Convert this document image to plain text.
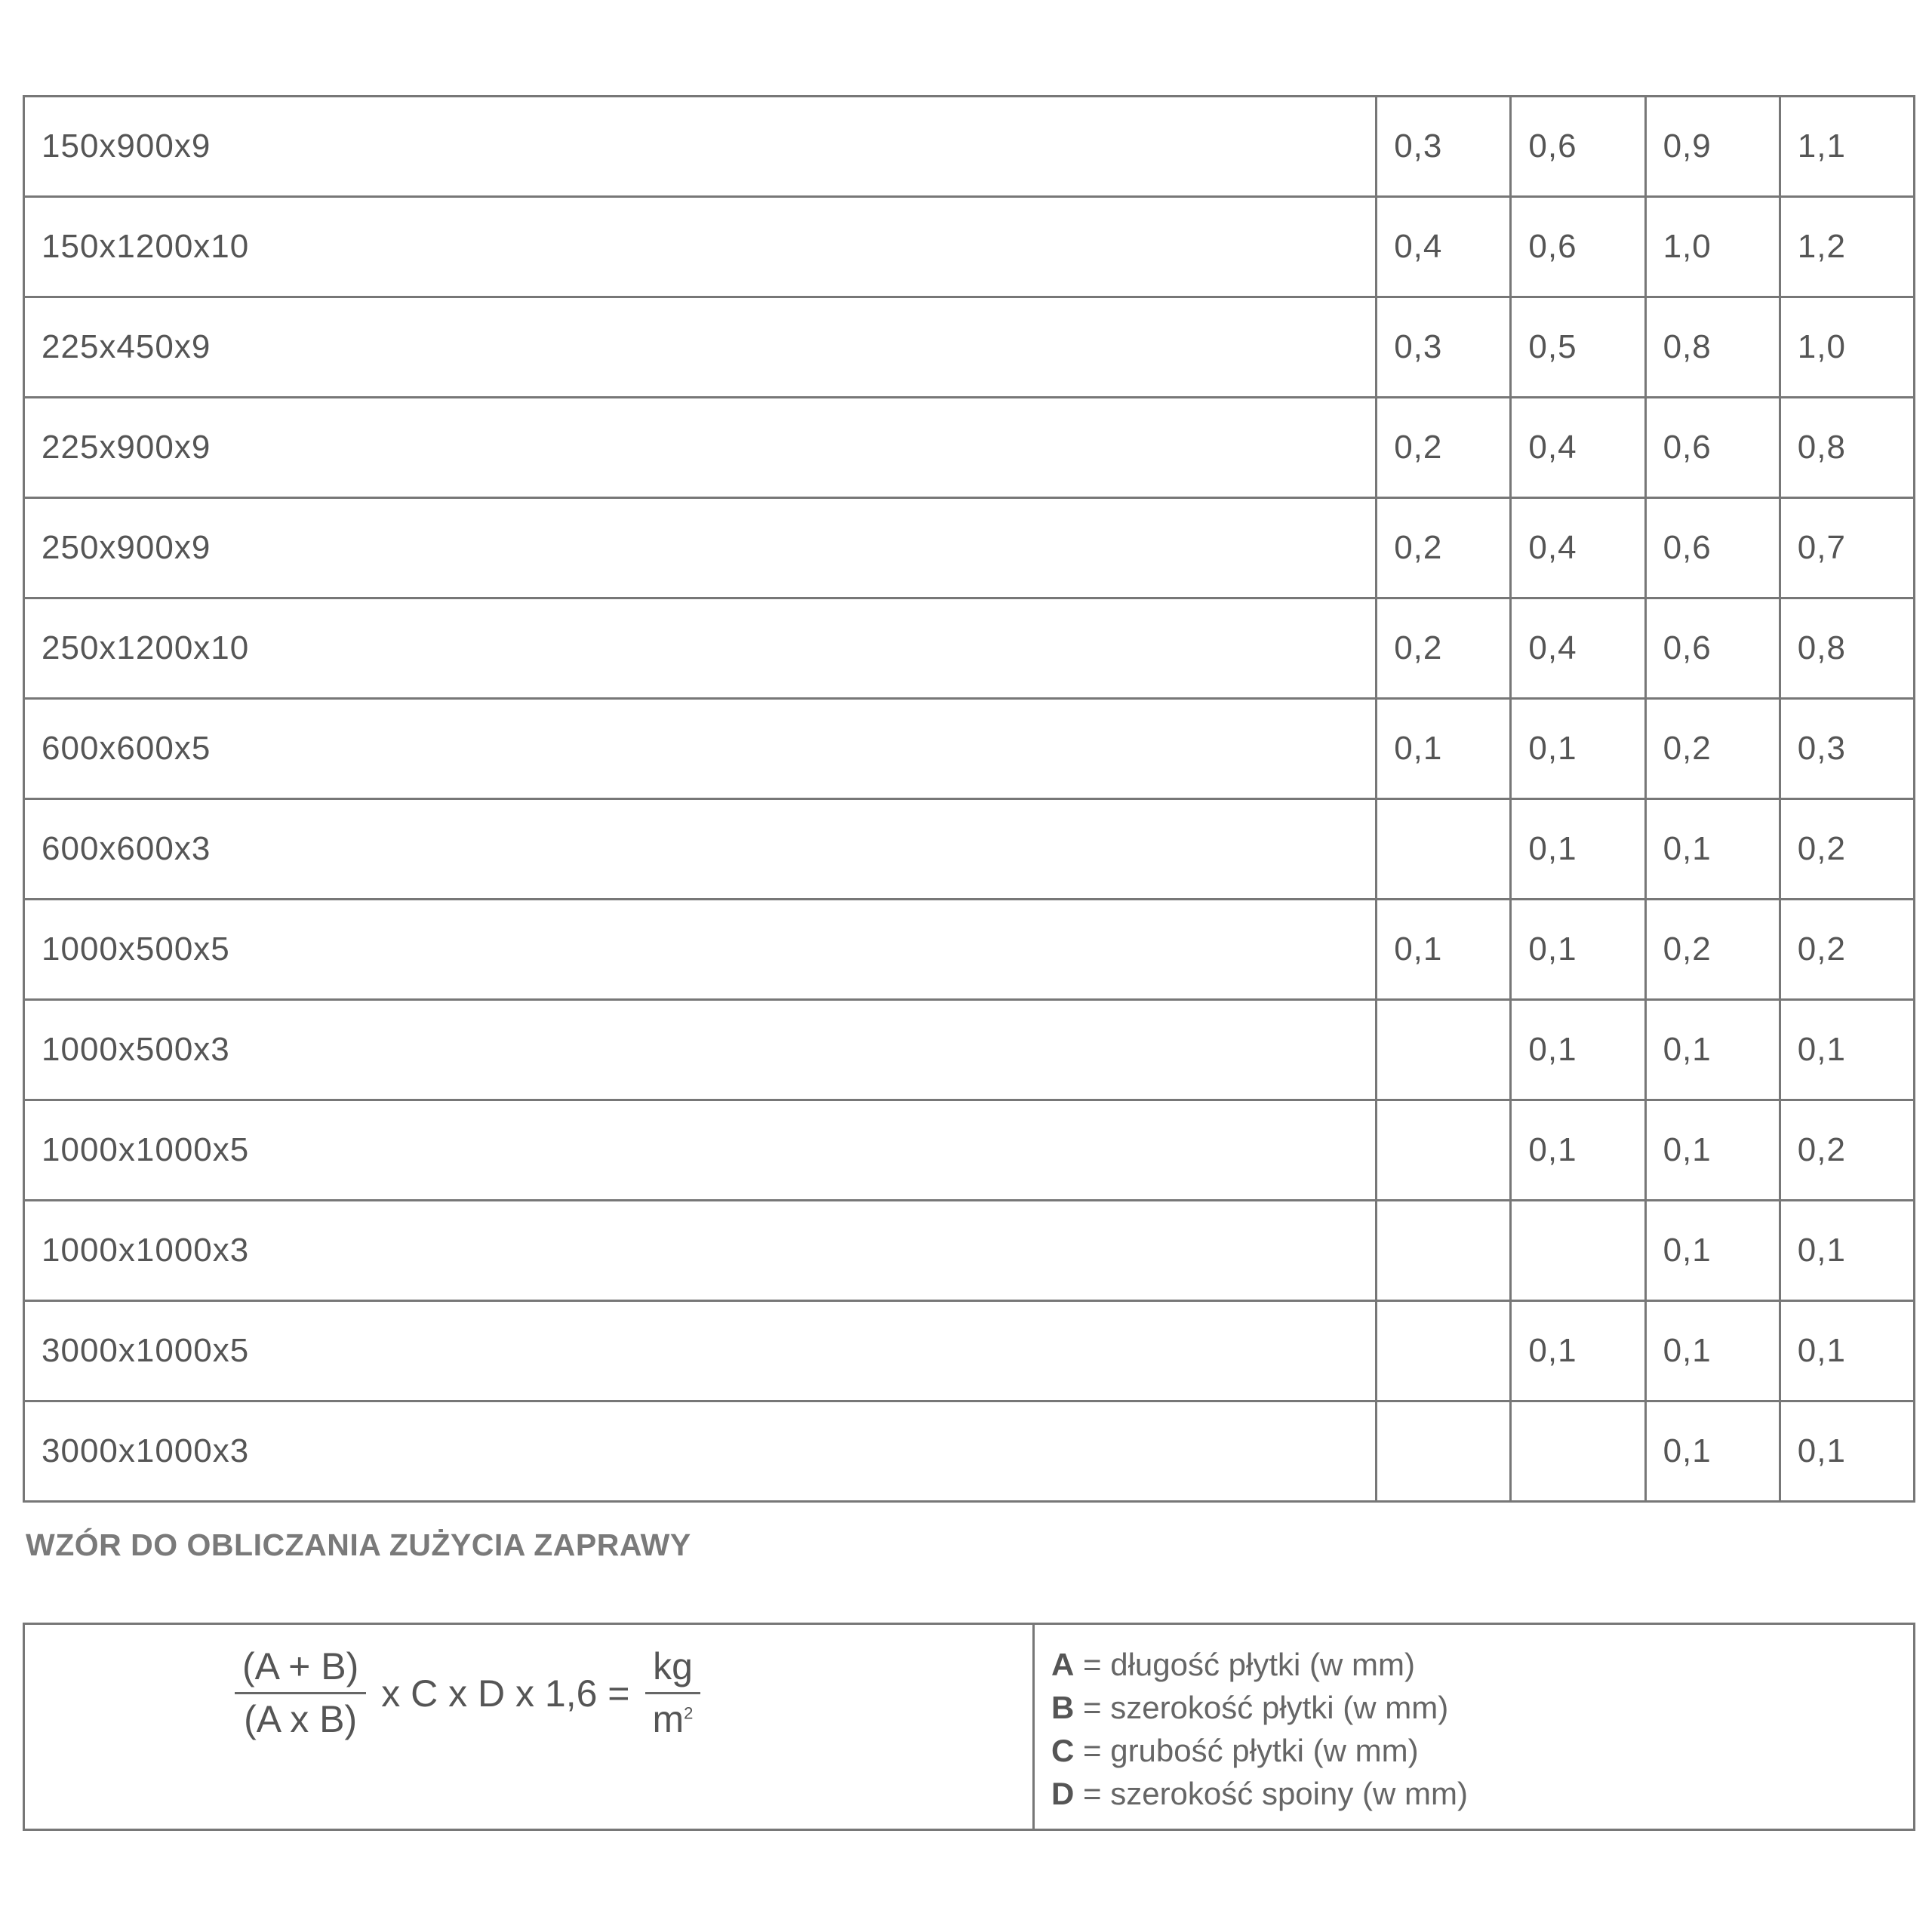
150x900x9	0,3	0,6	0,9	1,1
150x1200x10	0,4	0,6	1,0	1,2
225x450x9	0,3	0,5	0,8	1,0
225x900x9	0,2	0,4	0,6	0,8
250x900x9	0,2	0,4	0,6	0,7
250x1200x10	0,2	0,4	0,6	0,8
600x600x5	0,1	0,1	0,2	0,3
600x600x3		0,1	0,1	0,2
1000x500x5	0,1	0,1	0,2	0,2
1000x500x3		0,1	0,1	0,1
1000x1000x5		0,1	0,1	0,2
1000x1000x3			0,1	0,1
3000x1000x5		0,1	0,1	0,1
3000x1000x3			0,1	0,1
WZÓR DO OBLICZANIA ZUŻYCIA ZAPRAWY
$\frac{(A + B)}{\text{(A x B)}}$ x C x D x $1,6 = \frac{kg}{m^2}$	A = długość płytki (w mm)
B = szerokość płytki (w mm)
C = grubość płytki (w mm)
D = szerokość spoiny (w mm)
